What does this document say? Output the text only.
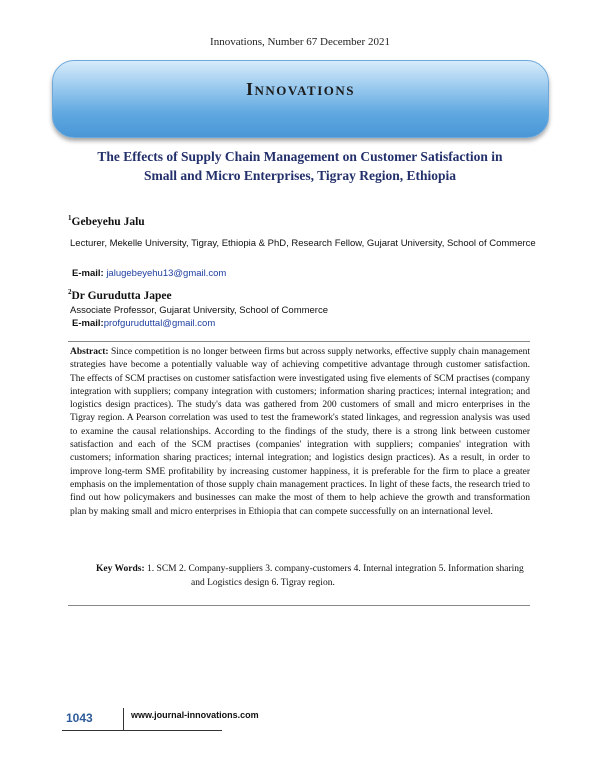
Innovations, Number 67 December 2021
Innovations
The Effects of Supply Chain Management on Customer Satisfaction in
Small and Micro Enterprises, Tigray Region, Ethiopia
$^1$Gebeyehu Jalu
Lecturer, Mekelle University, Tigray, Ethiopia & PhD, Research Fellow, Gujarat University, School of Commerce
E-mail: jalugebeyehu13@gmail.com
$^2$Dr Gurudutta Japee
Associate Professor, Gujarat University, School of Commerce
E-mail:profguruduttal@gmail.com
Abstract: Since competition is no longer between firms but across supply networks, effective supply chain management strategies have become a potentially valuable way of achieving competitive advantage through customer satisfaction. The effects of SCM practises on customer satisfaction were investigated using five elements of SCM practises (company integration with suppliers; company integration with customers; information sharing practices; internal integration; and logistics design practices). The study's data was gathered from 200 customers of small and micro enterprises in the Tigray region. A Pearson correlation was used to test the framework's stated linkages, and regression analysis was used to examine the causal relationships. According to the findings of the study, there is a strong link between customer satisfaction and each of the SCM practises (companies' integration with suppliers; companies' integration with customers; information sharing practices; internal integration; and logistics design practices). As a result, in order to improve long-term SME profitability by increasing customer happiness, it is preferable for the firm to place a greater emphasis on the implementation of those supply chain management practices. In light of these facts, the research tried to find out how policymakers and businesses can make the most of them to help achieve the growth and transformation plan by making small and micro enterprises in Ethiopia that can compete successfully on an international level.
Key Words: 1. SCM 2. Company-suppliers 3. company-customers 4. Internal integration 5. Information sharing and Logistics design 6. Tigray region.
1043	www.journal-innovations.com
